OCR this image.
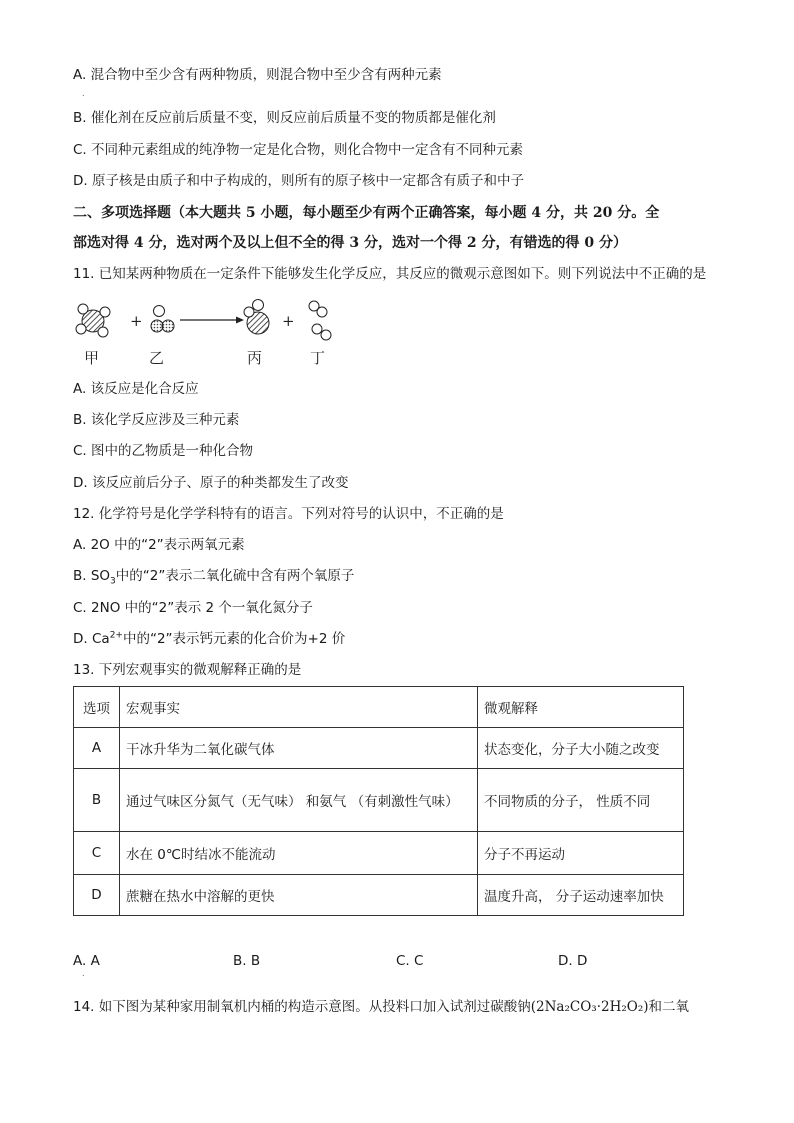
A. 混合物中至少含有两种物质，则混合物中至少含有两种元素
.
B. 催化剂在反应前后质量不变，则反应前后质量不变的物质都是催化剂
C. 不同种元素组成的纯净物一定是化合物，则化合物中一定含有不同种元素
D. 原子核是由质子和中子构成的，则所有的原子核中一定都含有质子和中子
二、多项选择题（本大题共 5 小题，每小题至少有两个正确答案，每小题 4 分，共 20 分。全
部选对得 4 分，选对两个及以上但不全的得 3 分，选对一个得 2 分，有错选的得 0 分）
11. 已知某两种物质在一定条件下能够发生化学反应，其反应的微观示意图如下。则下列说法中不正确的是
+	+
甲	乙	丙	丁
A. 该反应是化合反应
B. 该化学反应涉及三种元素
C. 图中的乙物质是一种化合物
D. 该反应前后分子、原子的种类都发生了改变
12. 化学符号是化学学科特有的语言。下列对符号的认识中，不正确的是
A. 2O 中的“2”表示两氧元素
B. $SO_3$中的“2”表示二氧化硫中含有两个氧原子
C. 2NO 中的“2”表示 2 个一氧化氮分子
D. $Ca^{2+}$中的“2”表示钙元素的化合价为+2 价
13. 下列宏观事实的微观解释正确的是
选项	宏观事实	微观解释
A	干冰升华为二氧化碳气体	状态变化，分子大小随之改变
B	通过气味区分氮气（无气味） 和氨气 （有刺激性气味）	不同物质的分子， 性质不同
C	水在 0℃时结冰不能流动	分子不再运动
D	蔗糖在热水中溶解的更快	温度升高， 分子运动速率加快
A. A
.
B. B	C. C	D. D
14. 如下图为某种家用制氧机内桶的构造示意图。从投料口加入试剂过碳酸钠(2Na₂CO₃·2H₂O₂)和二氧
